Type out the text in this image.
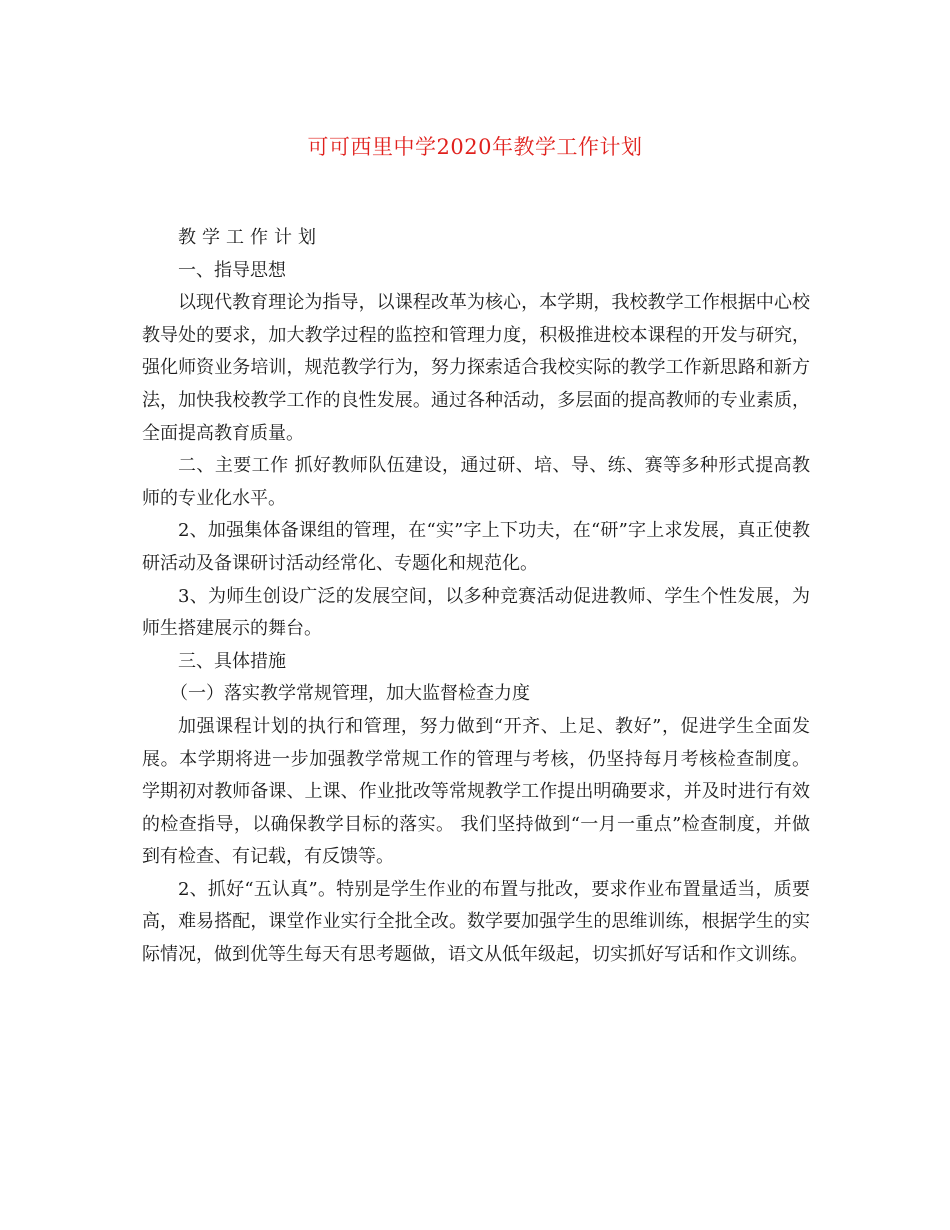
可可西里中学2020年教学工作计划

教学工作计划

一、指导思想

以现代教育理论为指导，以课程改革为核心，本学期，我校教学工作根据中心校教导处的要求，加大教学过程的监控和管理力度，积极推进校本课程的开发与研究，强化师资业务培训，规范教学行为，努力探索适合我校实际的教学工作新思路和新方法，加快我校教学工作的良性发展。通过各种活动，多层面的提高教师的专业素质，全面提高教育质量。

二、主要工作 抓好教师队伍建设，通过研、培、导、练、赛等多种形式提高教师的专业化水平。

2、加强集体备课组的管理，在“实”字上下功夫，在“研”字上求发展，真正使教研活动及备课研讨活动经常化、专题化和规范化。

3、为师生创设广泛的发展空间，以多种竞赛活动促进教师、学生个性发展，为师生搭建展示的舞台。

三、具体措施

（一）落实教学常规管理，加大监督检查力度

加强课程计划的执行和管理，努力做到“开齐、上足、教好”，促进学生全面发展。本学期将进一步加强教学常规工作的管理与考核，仍坚持每月考核检查制度。 学期初对教师备课、上课、作业批改等常规教学工作提出明确要求，并及时进行有效的检查指导，以确保教学目标的落实。 我们坚持做到“一月一重点”检查制度，并做到有检查、有记载，有反馈等。

2、抓好“五认真”。特别是学生作业的布置与批改，要求作业布置量适当，质要高，难易搭配，课堂作业实行全批全改。数学要加强学生的思维训练，根据学生的实际情况，做到优等生每天有思考题做，语文从低年级起，切实抓好写话和作文训练。
